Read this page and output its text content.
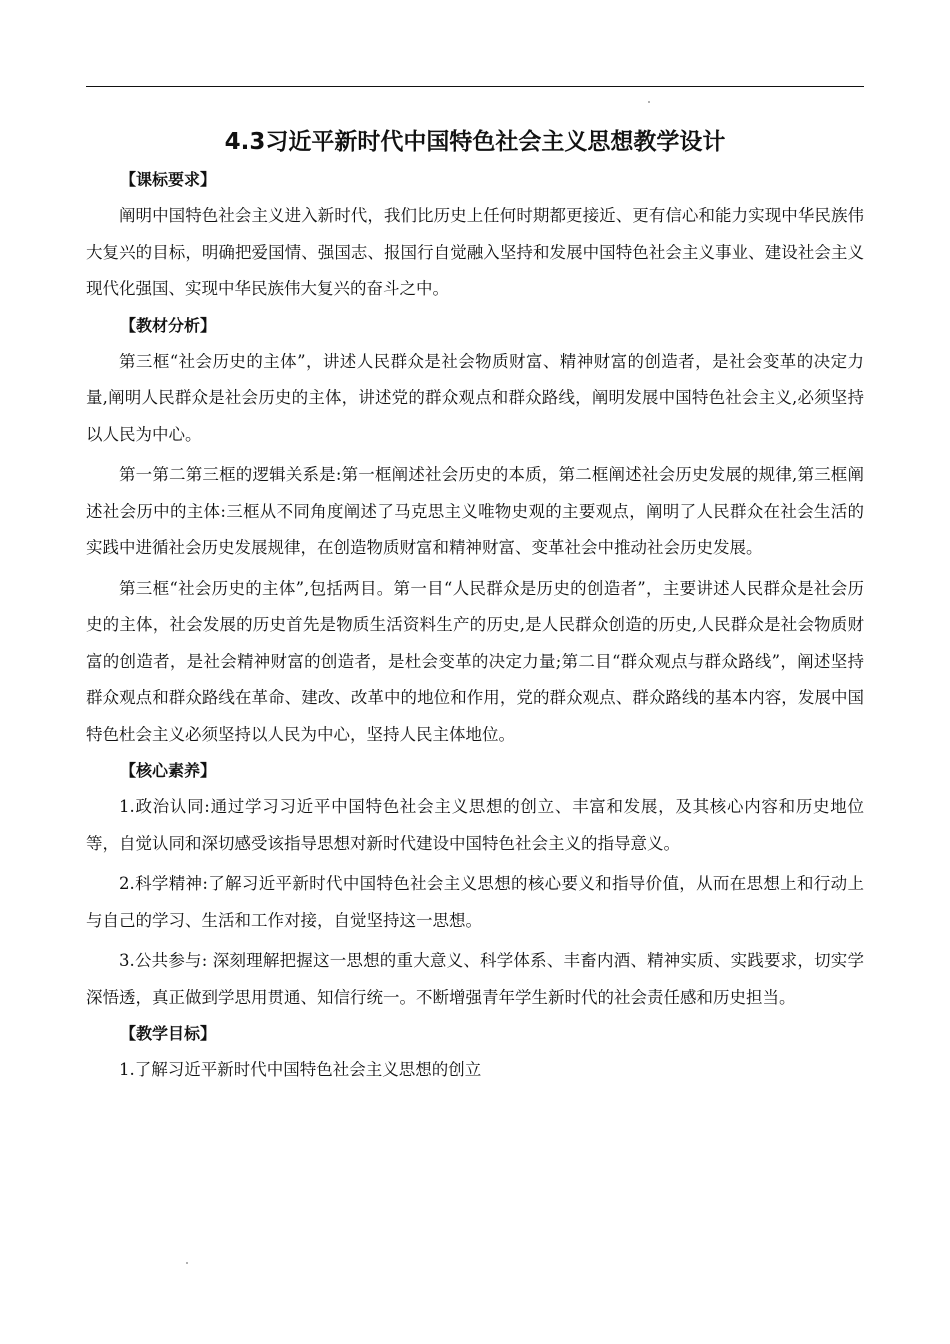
4.3习近平新时代中国特色社会主义思想教学设计
【课标要求】

阐明中国特色社会主义进入新时代，我们比历史上任何时期都更接近、更有信心和能力实现中华民族伟大复兴的目标，明确把爱国情、强国志、报国行自觉融入坚持和发展中国特色社会主义事业、建设社会主义现代化强国、实现中华民族伟大复兴的奋斗之中。

【教材分析】

第三框“社会历史的主体”，讲述人民群众是社会物质财富、精神财富的创造者，是社会变革的决定力量,阐明人民群众是社会历史的主体，讲述党的群众观点和群众路线，阐明发展中国特色社会主义,必须坚持以人民为中心。

第一第二第三框的逻辑关系是:第一框阐述社会历史的本质，第二框阐述社会历史发展的规律,第三框阐述社会历中的主体:三框从不同角度阐述了马克思主义唯物史观的主要观点，阐明了人民群众在社会生活的实践中进循社会历史发展规律，在创造物质财富和精神财富、变革社会中推动社会历史发展。

第三框“社会历史的主体”,包括两目。第一目“人民群众是历史的创造者”，主要讲述人民群众是社会历史的主体，社会发展的历史首先是物质生活资料生产的历史,是人民群众创造的历史,人民群众是社会物质财富的创造者，是社会精神财富的创造者，是杜会变革的决定力量;第二目“群众观点与群众路线”，阐述坚持群众观点和群众路线在革命、建改、改革中的地位和作用，党的群众观点、群众路线的基本内容，发展中国特色杜会主义必须坚持以人民为中心，坚持人民主体地位。

【核心素养】

1.政治认同:通过学习习近平中国特色社会主义思想的创立、丰富和发展，及其核心内容和历史地位等，自觉认同和深切感受该指导思想对新时代建设中国特色社会主义的指导意义。

2.科学精神:了解习近平新时代中国特色社会主义思想的核心要义和指导价值，从而在思想上和行动上与自己的学习、生活和工作对接，自觉坚持这一思想。

3.公共参与: 深刻理解把握这一思想的重大意义、科学体系、丰畜内酒、精神实质、实践要求，切实学深悟透，真正做到学思用贯通、知信行统一。不断增强青年学生新时代的社会责任感和历史担当。

【教学目标】

1.了解习近平新时代中国特色社会主义思想的创立
